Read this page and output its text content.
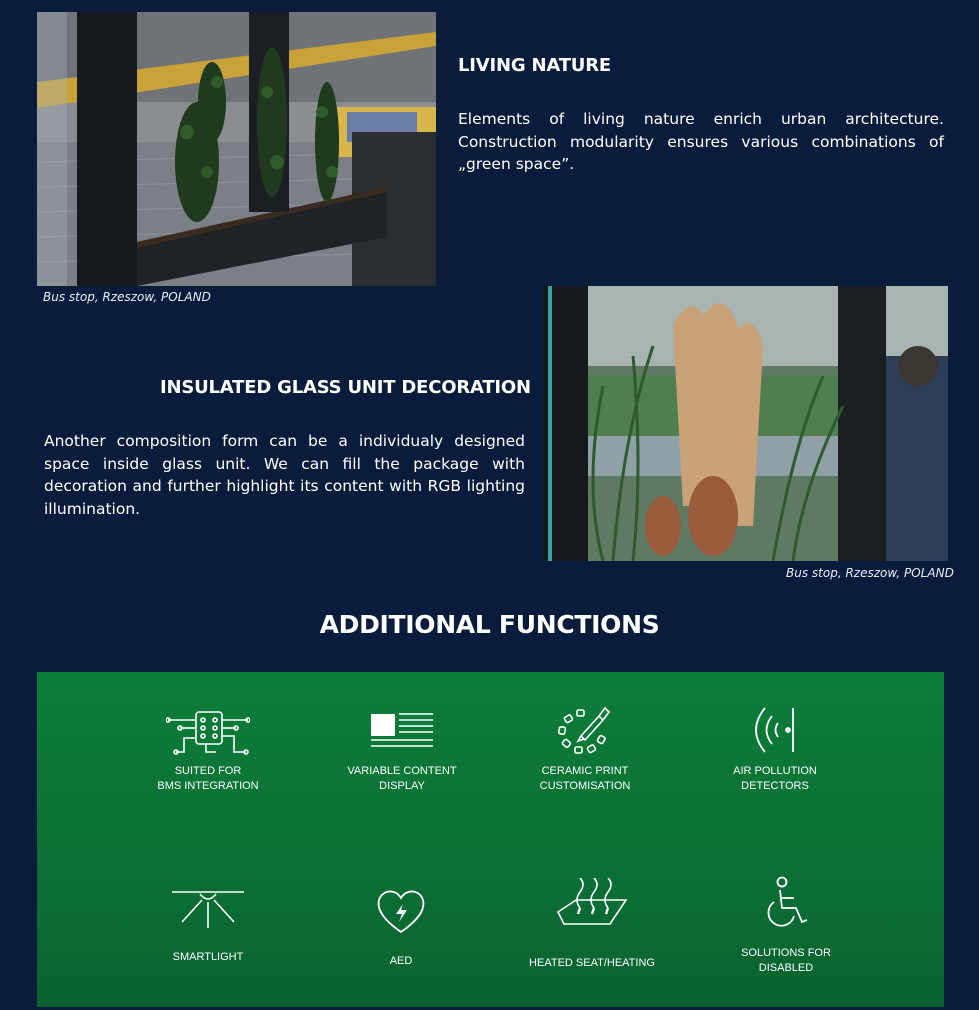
Bus stop, Rzeszow, POLAND
LIVING NATURE
Elements of living nature enrich urban architecture. Construction modularity ensures various combinations of „green space”.
Bus stop, Rzeszow, POLAND
INSULATED GLASS UNIT DECORATION
Another composition form can be a individualy designed space inside glass unit. We can fill the package with decoration and further highlight its content with RGB lighting illumination.
ADDITIONAL FUNCTIONS
SUITED FOR
BMS INTEGRATION
VARIABLE CONTENT
DISPLAY
CERAMIC PRINT
CUSTOMISATION
AIR POLLUTION
DETECTORS
SMARTLIGHT	AED	HEATED SEAT/HEATING
SOLUTIONS FOR
DISABLED
